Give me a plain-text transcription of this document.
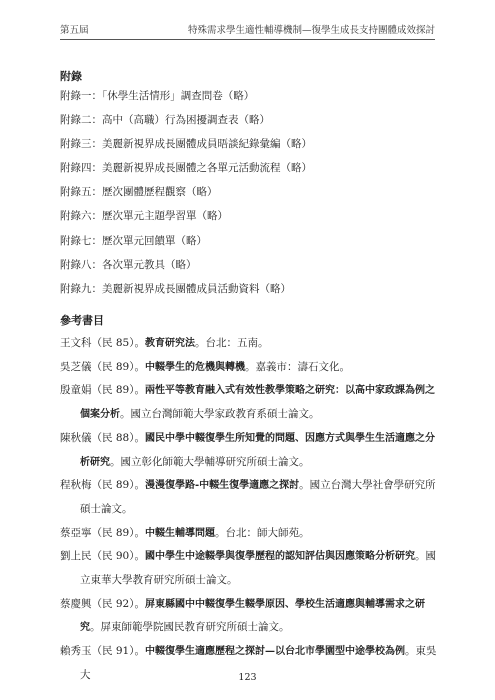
第五屆	特殊需求學生適性輔導機制—復學生成長支持團體成效探討
附錄
附錄一：「休學生活情形」調查問卷（略）
附錄二：高中（高職）行為困擾調查表（略）
附錄三：美麗新視界成長團體成員晤談紀錄彙編（略）
附錄四：美麗新視界成長團體之各單元活動流程（略）
附錄五：歷次團體歷程觀察（略）
附錄六：歷次單元主題學習單（略）
附錄七：歷次單元回饋單（略）
附錄八：各次單元教具（略）
附錄九：美麗新視界成長團體成員活動資料（略）
參考書目
王文科（民 85）。教育研究法。台北：五南。
吳芝儀（民 89）。中輟學生的危機與轉機。嘉義市：濤石文化。
殷童娟（民 89）。兩性平等教育融入式有效性教學策略之研究：以高中家政課為例之個案分析。國立台灣師範大學家政教育系碩士論文。
陳秋儀（民 88）。國民中學中輟復學生所知覺的問題、因應方式與學生生活適應之分析研究。國立彰化師範大學輔導研究所碩士論文。
程秋梅（民 89）。漫漫復學路-中輟生復學適應之探討。國立台灣大學社會學研究所碩士論文。
蔡亞寧（民 89）。中輟生輔導問題。台北：師大師苑。
劉上民（民 90）。國中學生中途輟學與復學歷程的認知評估與因應策略分析研究。國立東華大學教育研究所碩士論文。
蔡慶興（民 92）。屏東縣國中中輟復學生輟學原因、學校生活適應與輔導需求之研究。屏東師範學院國民教育研究所碩士論文。
賴秀玉（民 91）。中輟復學生適應歷程之探討—以台北市學園型中途學校為例。東吳大	123
